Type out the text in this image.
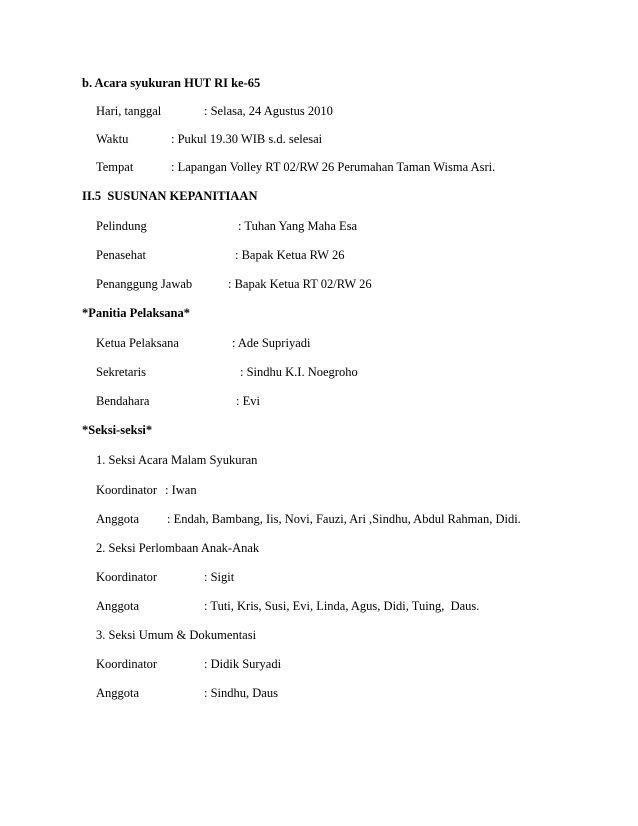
b. Acara syukuran HUT RI ke-65
Hari, tanggal	: Selasa, 24 Agustus 2010
Waktu	: Pukul 19.30 WIB s.d. selesai
Tempat	: Lapangan Volley RT 02/RW 26 Perumahan Taman Wisma Asri.
II.5  SUSUNAN KEPANITIAAN
Pelindung	: Tuhan Yang Maha Esa
Penasehat	: Bapak Ketua RW 26
Penanggung Jawab	: Bapak Ketua RT 02/RW 26
*Panitia Pelaksana*
Ketua Pelaksana	: Ade Supriyadi
Sekretaris	: Sindhu K.I. Noegroho
Bendahara	: Evi
*Seksi-seksi*
1. Seksi Acara Malam Syukuran
Koordinator : Iwan
Anggota : Endah, Bambang, Iis, Novi, Fauzi, Ari ,Sindhu, Abdul Rahman, Didi.
2. Seksi Perlombaan Anak-Anak
Koordinator	: Sigit
Anggota	: Tuti, Kris, Susi, Evi, Linda, Agus, Didi, Tuing,  Daus.
3. Seksi Umum & Dokumentasi
Koordinator	: Didik Suryadi
Anggota	: Sindhu, Daus
